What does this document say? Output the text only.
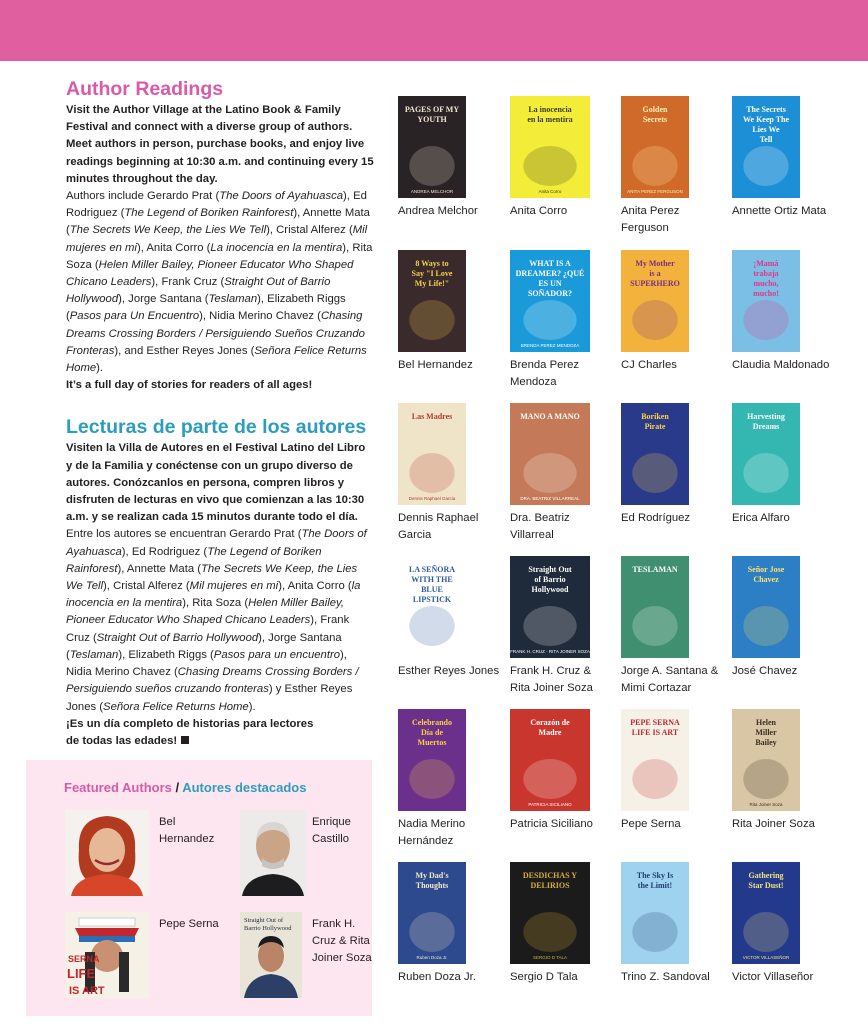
Author Readings

Visit the Author Village at the Latino Book & Family Festival and connect with a diverse group of authors. Meet authors in person, purchase books, and enjoy live readings beginning at 10:30 a.m. and continuing every 15 minutes throughout the day.

Authors include Gerardo Prat (The Doors of Ayahuasca), Ed Rodriguez (The Legend of Boriken Rainforest), Annette Mata (The Secrets We Keep, the Lies We Tell), Cristal Alferez (Mil mujeres en mi), Anita Corro (La inocencia en la mentira), Rita Soza (Helen Miller Bailey, Pioneer Educator Who Shaped Chicano Leaders), Frank Cruz (Straight Out of Barrio Hollywood), Jorge Santana (Teslaman), Elizabeth Riggs (Pasos para Un Encuentro), Nidia Merino Chavez (Chasing Dreams Crossing Borders / Persiguiendo Sueños Cruzando Fronteras), and Esther Reyes Jones (Señora Felice Returns Home).

It’s a full day of stories for readers of all ages!

Lecturas de parte de los autores

Visiten la Villa de Autores en el Festival Latino del Libro y de la Familia y conéctense con un grupo diverso de autores. Conózcanlos en persona, compren libros y disfruten de lecturas en vivo que comienzan a las 10:30 a.m. y se realizan cada 15 minutos durante todo el día.

Entre los autores se encuentran Gerardo Prat (The Doors of Ayahuasca), Ed Rodriguez (The Legend of Boriken Rainforest), Annette Mata (The Secrets We Keep, the Lies We Tell), Cristal Alferez (Mil mujeres en mi), Anita Corro (la inocencia en la mentira), Rita Soza (Helen Miller Bailey, Pioneer Educator Who Shaped Chicano Leaders), Frank Cruz (Straight Out of Barrio Hollywood), Jorge Santana (Teslaman), Elizabeth Riggs (Pasos para un encuentro), Nidia Merino Chavez (Chasing Dreams Crossing Borders / Persiguiendo sueños cruzando fronteras) y Esther Reyes Jones (Señora Felice Returns Home).

¡Es un día completo de historias para lectores
de todas las edades!

Featured Authors / Autores destacados
Bel Hernandez
Enrique Castillo
SERNA
LIFE
IS ART
Pepe Serna	Straight Out of
Barrio Hollywood Frank H. Cruz & Rita Joiner Soza
PAGES OF MY
YOUTH
ANDREA MELCHOR
Andrea Melchor
La inocencia
en la mentira
Anita Corro
Anita Corro
Golden
Secrets
ANITA PEREZ FERGUSON
Anita Perez Ferguson
The Secrets
We Keep The
Lies We
Tell
Annette Ortiz Mata
8 Ways to
Say "I Love
My Life!"
Bel Hernandez
WHAT IS A
DREAMER? ¿QUÉ
ES UN
SOÑADOR?
BRENDA PEREZ MENDOZA
Brenda Perez Mendoza
My Mother
is a
SUPERHERO
CJ Charles
¡Mamá
trabaja
mucho,
mucho!
Claudia Maldonado
Las Madres
Dennis Raphael Garcia
Dennis Raphael Garcia
MANO A MANO
DRA. BEATRIZ VILLARREAL
Dra. Beatriz Villarreal
Boriken
Pirate
Ed Rodríguez
Harvesting
Dreams
Erica Alfaro
LA SEÑORA
WITH THE
BLUE
LIPSTICK
Esther Reyes Jones
Straight Out
of Barrio
Hollywood
FRANK H. CRUZ · RITA JOINER SOZA
Frank H. Cruz & Rita Joiner Soza
TESLAMAN
Jorge A. Santana & Mimi Cortazar
Señor Jose
Chavez
José Chavez
Celebrando
Día de
Muertos
Nadia Merino Hernández
Corazón de
Madre
PATRICIA SICILIANO
Patricia Siciliano
PEPE SERNA
LIFE IS ART
Pepe Serna
Helen
Miller
Bailey
Rita Joiner Soza
Rita Joiner Soza
My Dad's
Thoughts
Ruben Doza Jr.
Ruben Doza Jr.
DESDICHAS Y
DELIRIOS
SERGIO D TALA
Sergio D Tala
The Sky Is
the Limit!
Trino Z. Sandoval
Gathering
Star Dust!
VICTOR VILLASEÑOR
Victor Villaseñor
